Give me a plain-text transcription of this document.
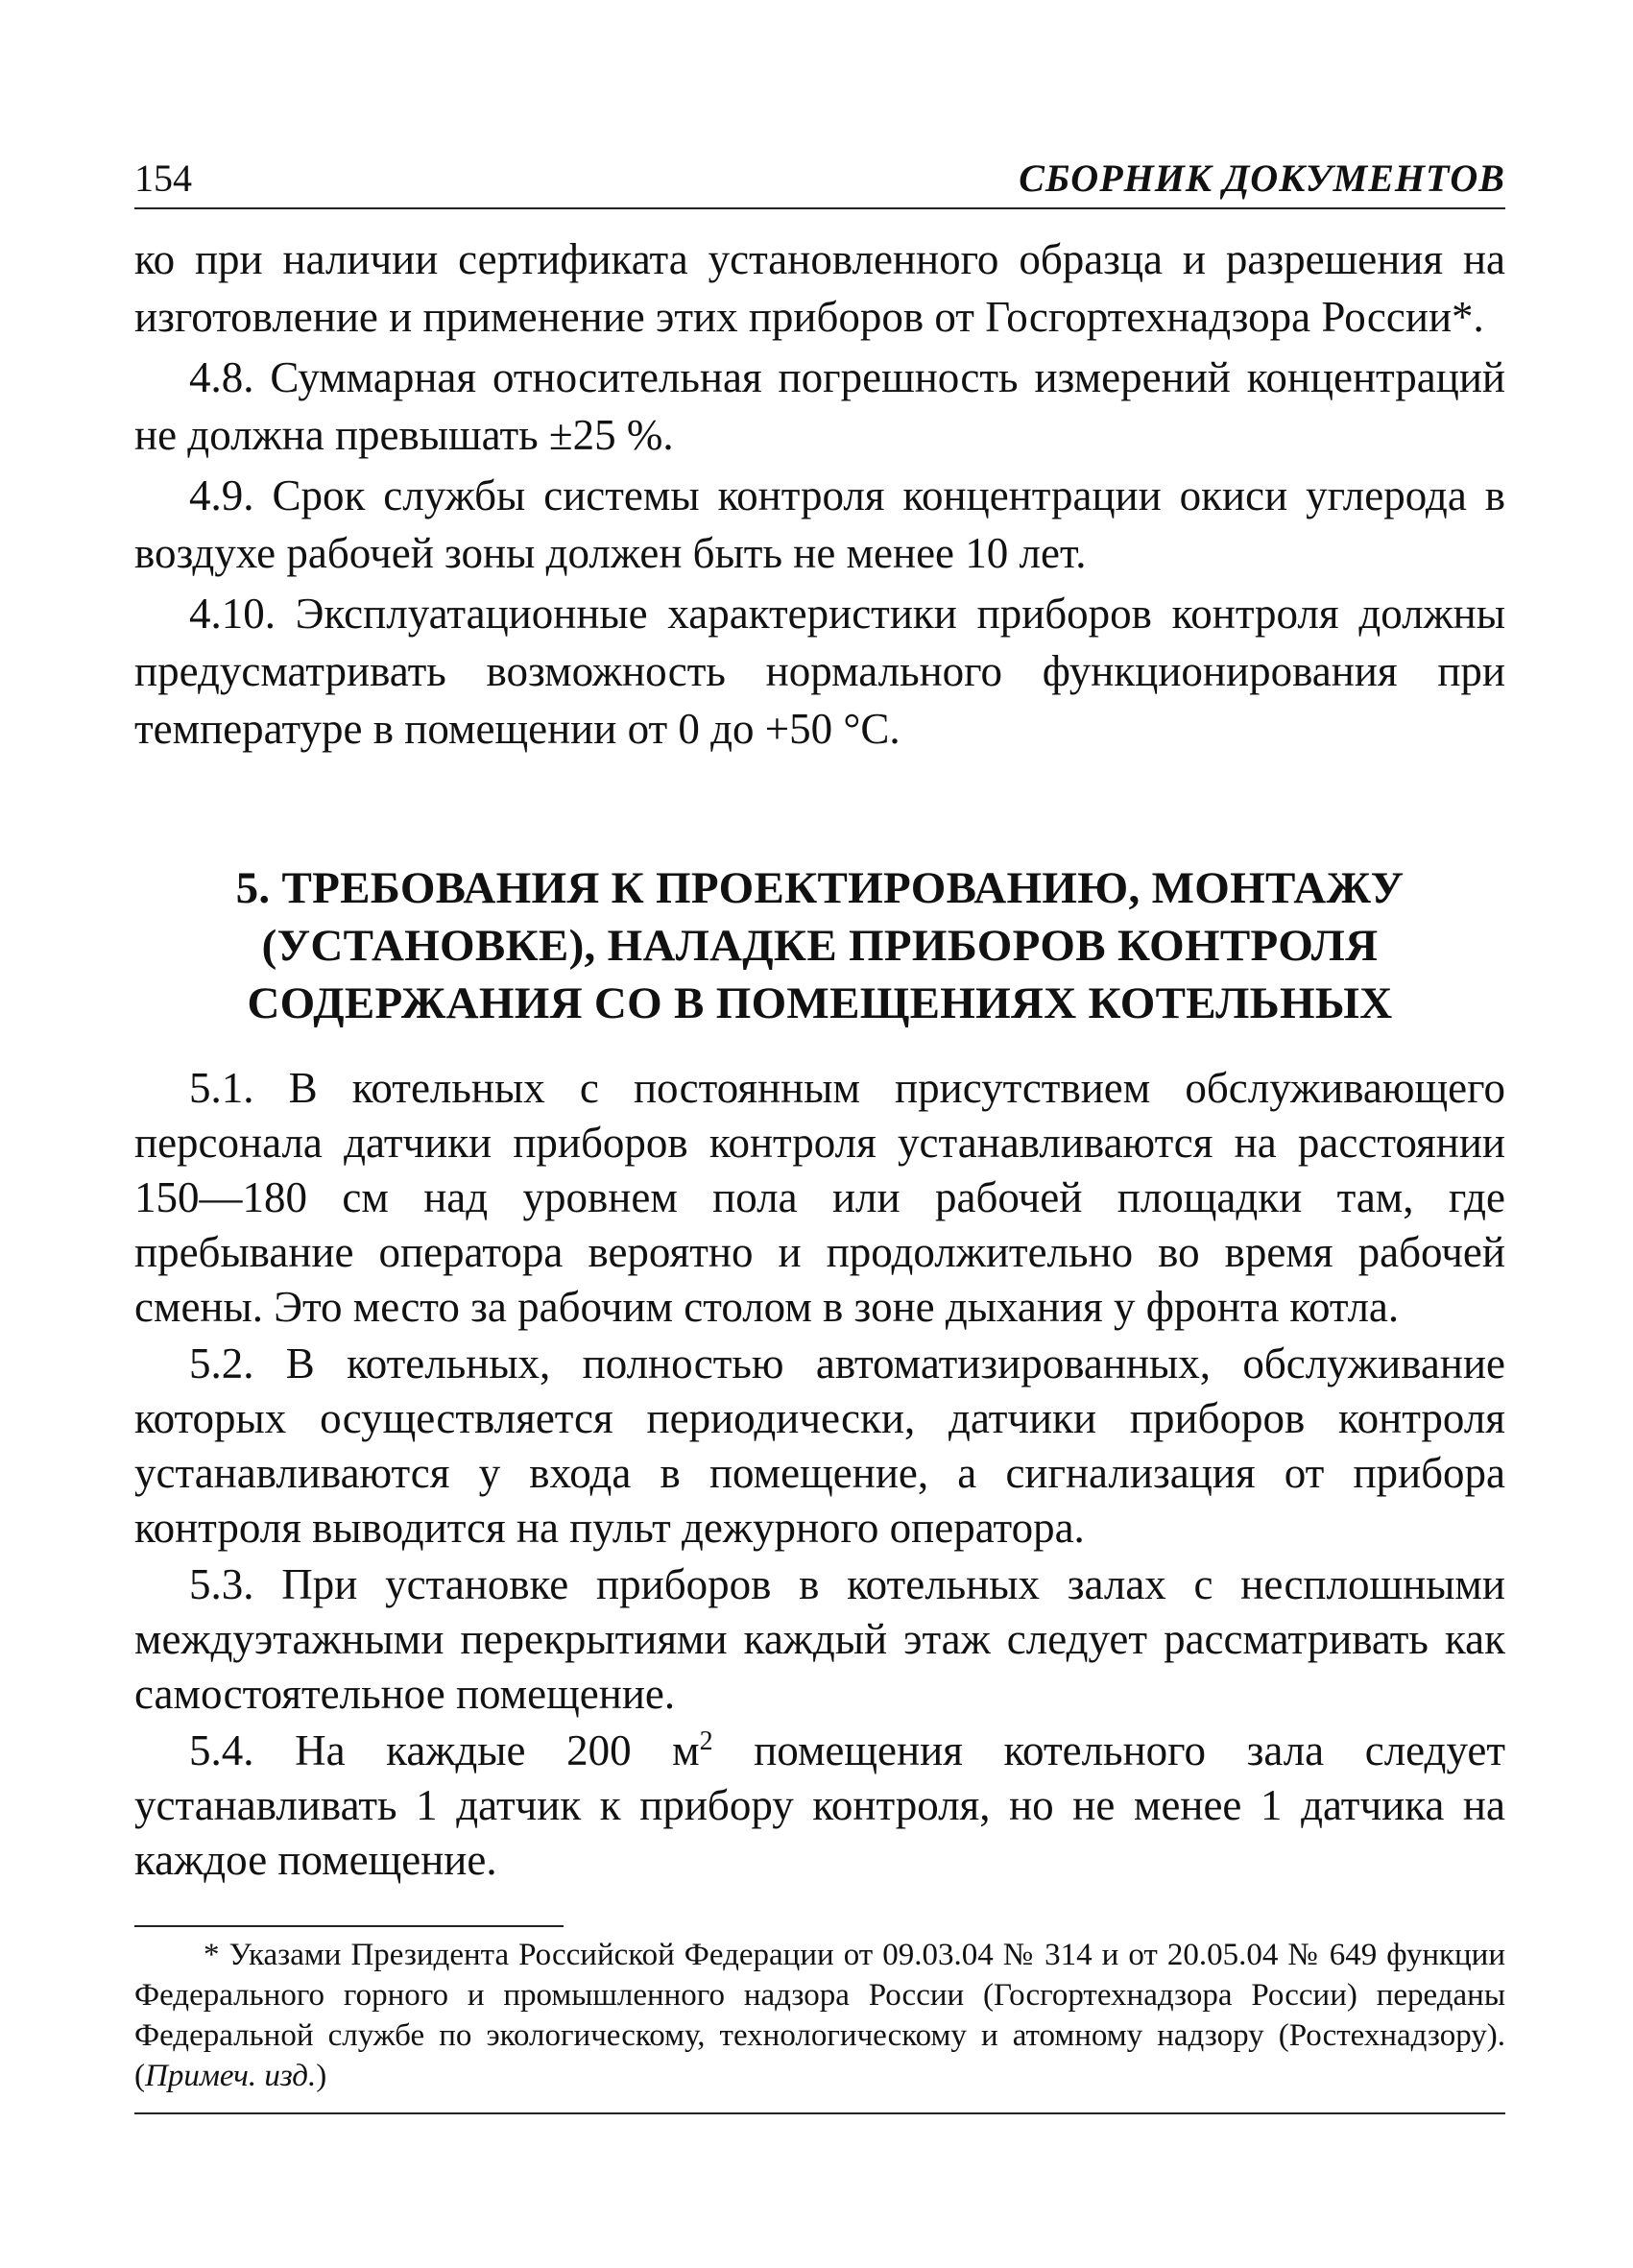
154	СБОРНИК ДОКУМЕНТОВ

ко при наличии сертификата установленного образца и разрешения на изготовление и применение этих приборов от Госгортехнадзора России*.

4.8. Суммарная относительная погрешность измерений концентраций не должна превышать ±25 %.

4.9. Срок службы системы контроля концентрации окиси углерода в воздухе рабочей зоны должен быть не менее 10 лет.

4.10. Эксплуатационные характеристики приборов контроля должны предусматривать возможность нормального функционирования при температуре в помещении от 0 до +50 °С.

5. ТРЕБОВАНИЯ К ПРОЕКТИРОВАНИЮ, МОНТАЖУ
(УСТАНОВКЕ), НАЛАДКЕ ПРИБОРОВ КОНТРОЛЯ
СОДЕРЖАНИЯ СО В ПОМЕЩЕНИЯХ КОТЕЛЬНЫХ

5.1. В котельных с постоянным присутствием обслуживающего персонала датчики приборов контроля устанавливаются на расстоянии 150—180 см над уровнем пола или рабочей площадки там, где пребывание оператора вероятно и продолжительно во время рабочей смены. Это место за рабочим столом в зоне дыхания у фронта котла.

5.2. В котельных, полностью автоматизированных, обслуживание которых осуществляется периодически, датчики приборов контроля устанавливаются у входа в помещение, а сигнализация от прибора контроля выводится на пульт дежурного оператора.

5.3. При установке приборов в котельных залах с несплошными междуэтажными перекрытиями каждый этаж следует рассматривать как самостоятельное помещение.

5.4. На каждые 200 $м^2$ помещения котельного зала следует устанавливать 1 датчик к прибору контроля, но не менее 1 датчика на каждое помещение.

* Указами Президента Российской Федерации от 09.03.04 № 314 и от 20.05.04 № 649 функции Федерального горного и промышленного надзора России (Госгортехнадзора России) переданы Федеральной службе по экологическому, технологическому и атомному надзору (Ростехнадзору). (Примеч. изд.)
